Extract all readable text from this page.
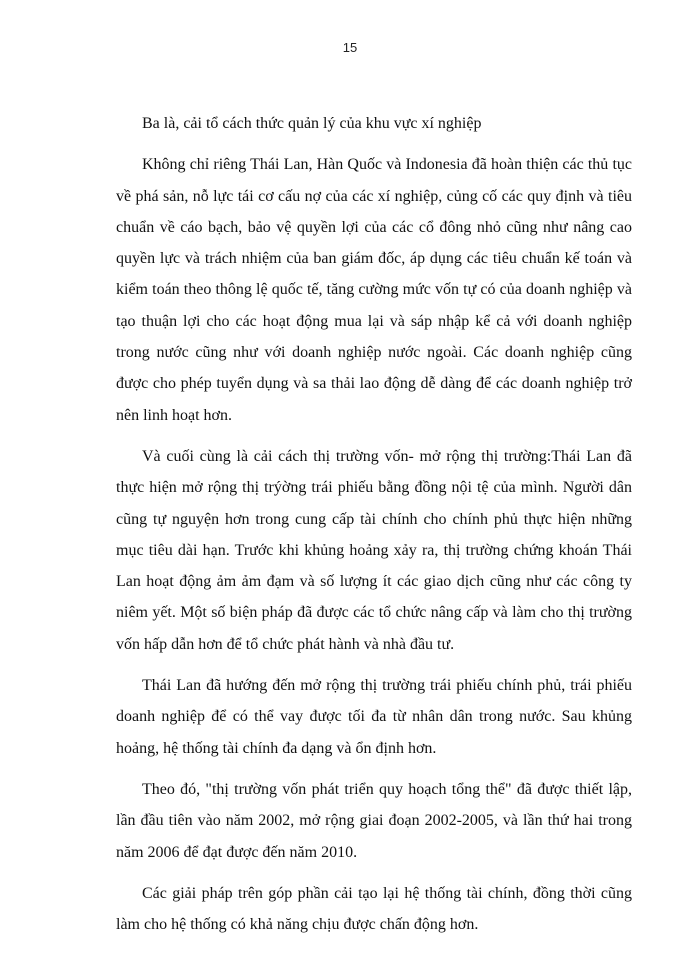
15

Ba là, cải tổ cách thức quản lý của khu vực xí nghiệp

Không chỉ riêng Thái Lan, Hàn Quốc và Indonesia đã hoàn thiện các thủ tục về phá sản, nỗ lực tái cơ cấu nợ của các xí nghiệp, củng cố các quy định và tiêu chuẩn về cáo bạch, bảo vệ quyền lợi của các cổ đông nhỏ cũng như nâng cao quyền lực và trách nhiệm của ban giám đốc, áp dụng các tiêu chuẩn kế toán và kiểm toán theo thông lệ quốc tế, tăng cường mức vốn tự có của doanh nghiệp và tạo thuận lợi cho các hoạt động mua lại và sáp nhập kể cả với doanh nghiệp trong nước cũng như với doanh nghiệp nước ngoài. Các doanh nghiệp cũng được cho phép tuyển dụng và sa thải lao động dễ dàng để các doanh nghiệp trở nên linh hoạt hơn.

Và cuối cùng là cải cách thị trường vốn- mở rộng thị trường:Thái Lan đã thực hiện mở rộng thị trýờng trái phiếu bằng đồng nội tệ của mình. Người dân cũng tự nguyện hơn trong cung cấp tài chính cho chính phủ thực hiện những mục tiêu dài hạn. Trước khi khủng hoảng xảy ra, thị trường chứng khoán Thái Lan hoạt động ảm ảm đạm và số lượng ít các giao dịch cũng như các công ty niêm yết. Một số biện pháp đã được các tổ chức nâng cấp và làm cho thị trường vốn hấp dẫn hơn để tổ chức phát hành và nhà đầu tư.

Thái Lan đã hướng đến mở rộng thị trường trái phiếu chính phủ, trái phiếu doanh nghiệp để có thể vay được tối đa từ nhân dân trong nước. Sau khủng hoảng, hệ thống tài chính đa dạng và ổn định hơn.

Theo đó, "thị trường vốn phát triển quy hoạch tổng thể" đã được thiết lập, lần đầu tiên vào năm 2002, mở rộng giai đoạn 2002-2005, và lần thứ hai trong năm 2006 để đạt được đến năm 2010.

Các giải pháp trên góp phần cải tạo lại hệ thống tài chính, đồng thời cũng làm cho hệ thống có khả năng chịu được chấn động hơn.
